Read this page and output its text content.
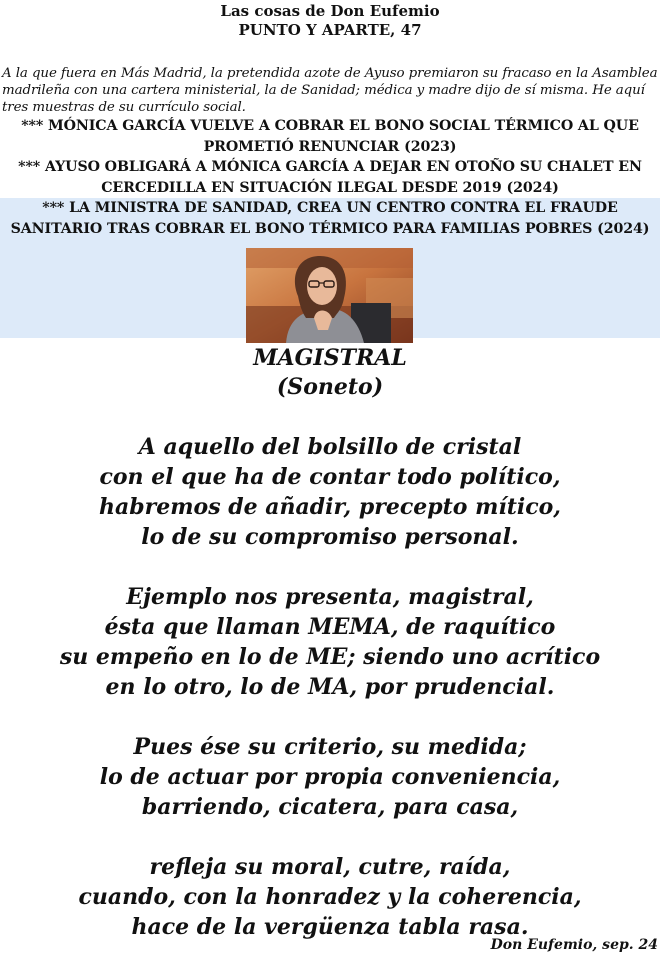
Las cosas de Don Eufemio
PUNTO Y APARTE, 47
A la que fuera en Más Madrid, la pretendida azote de Ayuso premiaron su fracaso en la Asamblea madrileña con una cartera ministerial, la de Sanidad; médica y madre dijo de sí misma. He aquí tres muestras de su currículo social.
*** MÓNICA GARCÍA VUELVE A COBRAR EL BONO SOCIAL TÉRMICO AL QUE PROMETIÓ RENUNCIAR (2023)
*** AYUSO OBLIGARÁ A MÓNICA GARCÍA A DEJAR EN OTOÑO SU CHALET EN CERCEDILLA EN SITUACIÓN ILEGAL DESDE 2019 (2024)
*** LA MINISTRA DE SANIDAD, CREA UN CENTRO CONTRA EL FRAUDE SANITARIO TRAS COBRAR EL BONO TÉRMICO PARA FAMILIAS POBRES (2024)
MAGISTRAL
(Soneto)
A aquello del bolsillo de cristal
con el que ha de contar todo político,
habremos de añadir, precepto mítico,
lo de su compromiso personal.
Ejemplo nos presenta, magistral,
ésta que llaman MEMA, de raquítico
su empeño en lo de ME; siendo uno acrítico
en lo otro, lo de MA, por prudencial.
Pues ése su criterio, su medida;
lo de actuar por propia conveniencia,
barriendo, cicatera, para casa,
refleja su moral, cutre, raída,
cuando, con la honradez y la coherencia,
hace de la vergüenza tabla rasa.
Don Eufemio, sep. 24
